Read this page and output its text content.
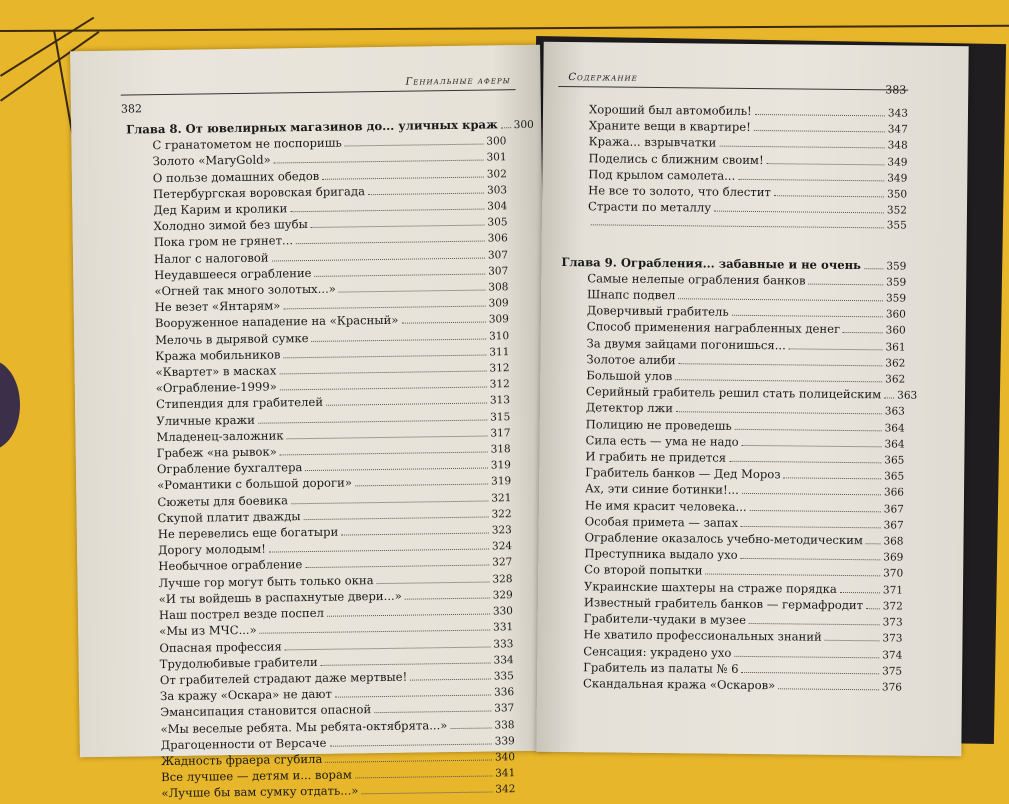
Гениальные аферы
382
Глава 8. От ювелирных магазинов до... уличных краж 300
С гранатометом не поспоришь	300
Золото «MaryGold»	301
О пользе домашних обедов	302
Петербургская воровская бригада	303
Дед Карим и кролики	304
Холодно зимой без шубы	305
Пока гром не грянет...	306
Налог с налоговой	307
Неудавшееся ограбление	307
«Огней так много золотых...»	308
Не везет «Янтарям»	309
Вооруженное нападение на «Красный»	309
Мелочь в дырявой сумке	310
Кража мобильников	311
«Квартет» в масках	312
«Ограбление-1999»	312
Стипендия для грабителей	313
Уличные кражи	315
Младенец-заложник	317
Грабеж «на рывок»	318
Ограбление бухгалтера	319
«Романтики с большой дороги»	319
Сюжеты для боевика	321
Скупой платит дважды	322
Не перевелись еще богатыри	323
Дорогу молодым!	324
Необычное ограбление	327
Лучше гор могут быть только окна	328
«И ты войдешь в распахнутые двери...»	329
Наш пострел везде поспел	330
«Мы из МЧС...»	331
Опасная профессия	333
Трудолюбивые грабители	334
От грабителей страдают даже мертвые!	335
За кражу «Оскара» не дают	336
Эмансипация становится опасной	337
«Мы веселые ребята. Мы ребята-октябрята...»	338
Драгоценности от Версаче	339
Жадность фраера сгубила	340
Все лучшее — детям и... ворам	341
«Лучше бы вам сумку отдать...»	342
Содержание
383
Хороший был автомобиль!	343
Храните вещи в квартире!	347
Кража... взрывчатки	348
Поделись с ближним своим!	349
Под крылом самолета...	349
Не все то золото, что блестит	350
Страсти по металлу	352
355
Глава 9. Ограбления... забавные и не очень 359
Самые нелепые ограбления банков	359
Шнапс подвел	359
Доверчивый грабитель	360
Способ применения награбленных денег	360
За двумя зайцами погонишься...	361
Золотое алиби	362
Большой улов	362
Серийный грабитель решил стать полицейским 363
Детектор лжи	363
Полицию не проведешь	364
Сила есть — ума не надо	364
И грабить не придется	365
Грабитель банков — Дед Мороз	365
Ах, эти синие ботинки!...	366
Не имя красит человека...	367
Особая примета — запах	367
Ограбление оказалось учебно-методическим 368
Преступника выдало ухо	369
Со второй попытки	370
Украинские шахтеры на страже порядка	371
Известный грабитель банков — гермафродит 372
Грабители-чудаки в музее	373
Не хватило профессиональных знаний	373
Сенсация: украдено ухо	374
Грабитель из палаты № 6	375
Скандальная кража «Оскаров»	376
